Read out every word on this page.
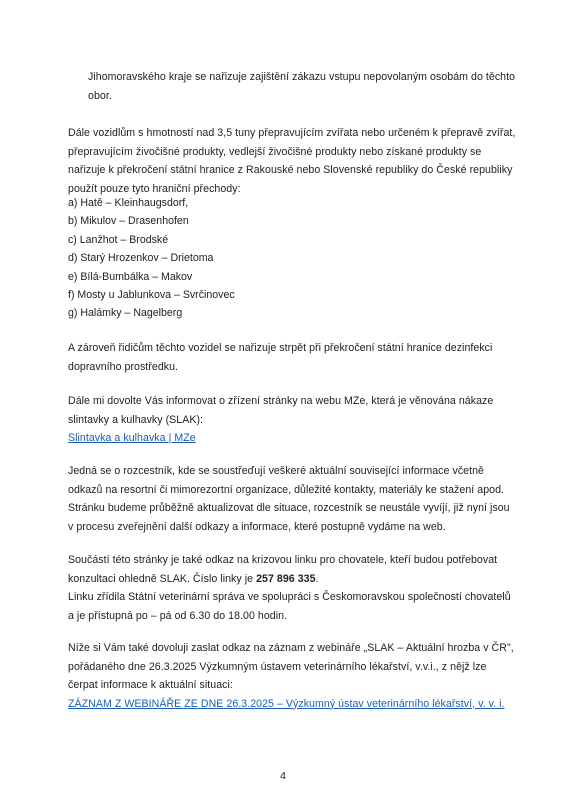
Jihomoravského kraje se nařizuje zajištění zákazu vstupu nepovolaným osobám do těchto
obor.
Dále vozidlům s hmotností nad 3,5 tuny přepravujícím zvířata nebo určeném k přepravě zvířat,
přepravujícím živočišné produkty, vedlejší živočišné produkty nebo získané produkty se
nařizuje k překročení státní hranice z Rakouské nebo Slovenské republiky do České republiky
použít pouze tyto hraniční přechody:
a) Hatě – Kleinhaugsdorf,
b) Mikulov – Drasenhofen
c) Lanžhot – Brodské
d) Starý Hrozenkov – Drietoma
e) Bílá-Bumbálka – Makov
f) Mosty u Jablunkova – Svrčinovec
g) Halámky – Nagelberg
A zároveň řidičům těchto vozidel se nařizuje strpět při překročení státní hranice dezinfekci
dopravního prostředku.
Dále mi dovolte Vás informovat o zřízení stránky na webu MZe, která je věnována nákaze
slintavky a kulhavky (SLAK):
Slintavka a kulhavka | MZe
Jedná se o rozcestník, kde se soustřeďují veškeré aktuální související informace včetně
odkazů na resortní či mimorezortní organizace, důležité kontakty, materiály ke stažení apod.
Stránku budeme průběžně aktualizovat dle situace, rozcestník se neustále vyvíjí, již nyní jsou
v procesu zveřejnění další odkazy a informace, které postupně vydáme na web.
Součástí této stránky je také odkaz na krizovou linku pro chovatele, kteří budou potřebovat
konzultaci ohledně SLAK. Číslo linky je 257 896 335.
Linku zřídila Státní veterinární správa ve spolupráci s Českomoravskou společností chovatelů
a je přístupná po – pá od 6.30 do 18.00 hodin.
Níže si Vám také dovoluji zaslat odkaz na záznam z webináře „SLAK – Aktuální hrozba v ČR",
pořádaného dne 26.3.2025 Výzkumným ústavem veterinárního lékařství, v.v.i., z nějž lze
čerpat informace k aktuální situaci:
ZÁZNAM Z WEBINÁŘE ZE DNE 26.3.2025 – Výzkumný ústav veterinárního lékařství, v. v. i.
4
